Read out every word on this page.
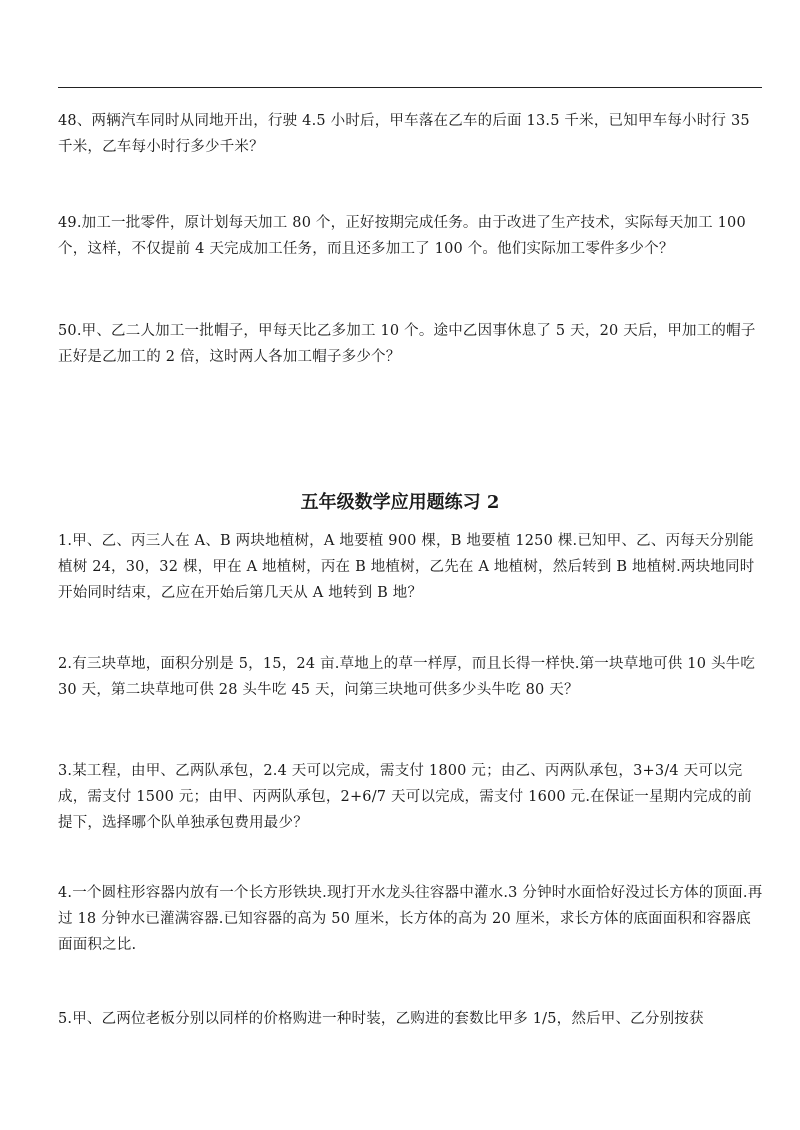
48、两辆汽车同时从同地开出，行驶 4.5 小时后，甲车落在乙车的后面 13.5 千米，已知甲车每小时行 35 千米，乙车每小时行多少千米？

49.加工一批零件，原计划每天加工 80 个，正好按期完成任务。由于改进了生产技术，实际每天加工 100 个，这样，不仅提前 4 天完成加工任务，而且还多加工了 100 个。他们实际加工零件多少个？

50.甲、乙二人加工一批帽子，甲每天比乙多加工 10 个。途中乙因事休息了 5 天，20 天后，甲加工的帽子正好是乙加工的 2 倍，这时两人各加工帽子多少个？

五年级数学应用题练习 2

1.甲、乙、丙三人在 A、B 两块地植树，A 地要植 900 棵，B 地要植 1250 棵.已知甲、乙、丙每天分别能植树 24，30，32 棵，甲在 A 地植树，丙在 B 地植树，乙先在 A 地植树，然后转到 B 地植树.两块地同时开始同时结束，乙应在开始后第几天从 A 地转到 B 地？

2.有三块草地，面积分别是 5，15，24 亩.草地上的草一样厚，而且长得一样快.第一块草地可供 10 头牛吃 30 天，第二块草地可供 28 头牛吃 45 天，问第三块地可供多少头牛吃 80 天？

3.某工程，由甲、乙两队承包，2.4 天可以完成，需支付 1800 元；由乙、丙两队承包，3+3/4 天可以完成，需支付 1500 元；由甲、丙两队承包，2+6/7 天可以完成，需支付 1600 元.在保证一星期内完成的前提下，选择哪个队单独承包费用最少？

4.一个圆柱形容器内放有一个长方形铁块.现打开水龙头往容器中灌水.3 分钟时水面恰好没过长方体的顶面.再过 18 分钟水已灌满容器.已知容器的高为 50 厘米，长方体的高为 20 厘米，求长方体的底面面积和容器底面面积之比.

5.甲、乙两位老板分别以同样的价格购进一种时装，乙购进的套数比甲多 1/5，然后甲、乙分别按获
